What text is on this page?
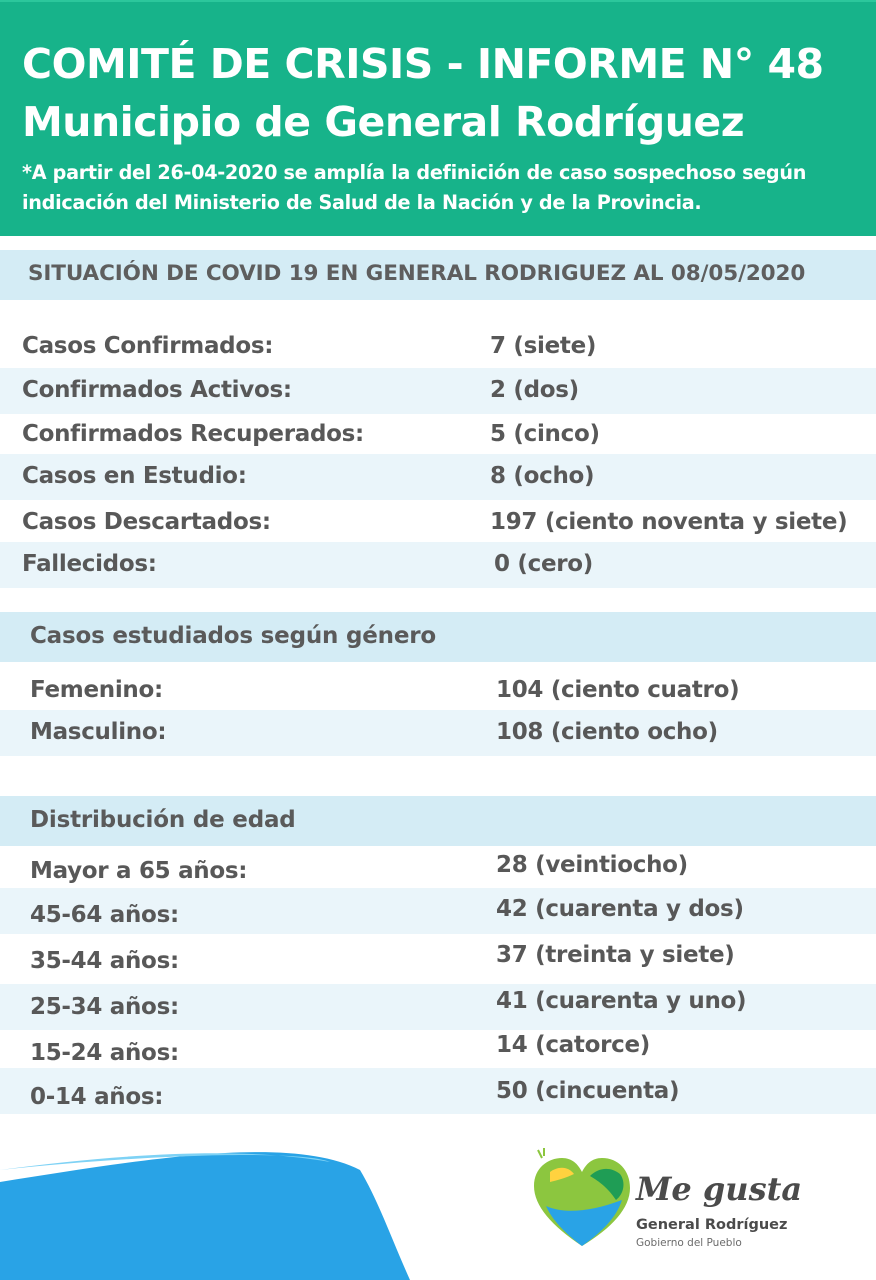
COMITÉ DE CRISIS - INFORME N° 48
Municipio de General Rodríguez
*A partir del 26-04-2020 se amplía la definición de caso sospechoso según indicación del Ministerio de Salud de la Nación y de la Provincia.
SITUACIÓN DE COVID 19 EN GENERAL RODRIGUEZ AL 08/05/2020
Casos Confirmados:	7 (siete)
Confirmados Activos:	2 (dos)
Confirmados Recuperados:	5 (cinco)
Casos en Estudio:	8 (ocho)
Casos Descartados:	197 (ciento noventa y siete)
Fallecidos:	0 (cero)
Casos estudiados según género
Femenino:	104 (ciento cuatro)
Masculino:	108 (ciento ocho)
Distribución de edad
Mayor a 65 años:	28 (veintiocho)
45-64 años:	42 (cuarenta y dos)
35-44 años:	37 (treinta y siete)
25-34 años:	41 (cuarenta y uno)
15-24 años:	14 (catorce)
0-14 años:	50 (cincuenta)
Me gusta
General Rodríguez
Gobierno del Pueblo
